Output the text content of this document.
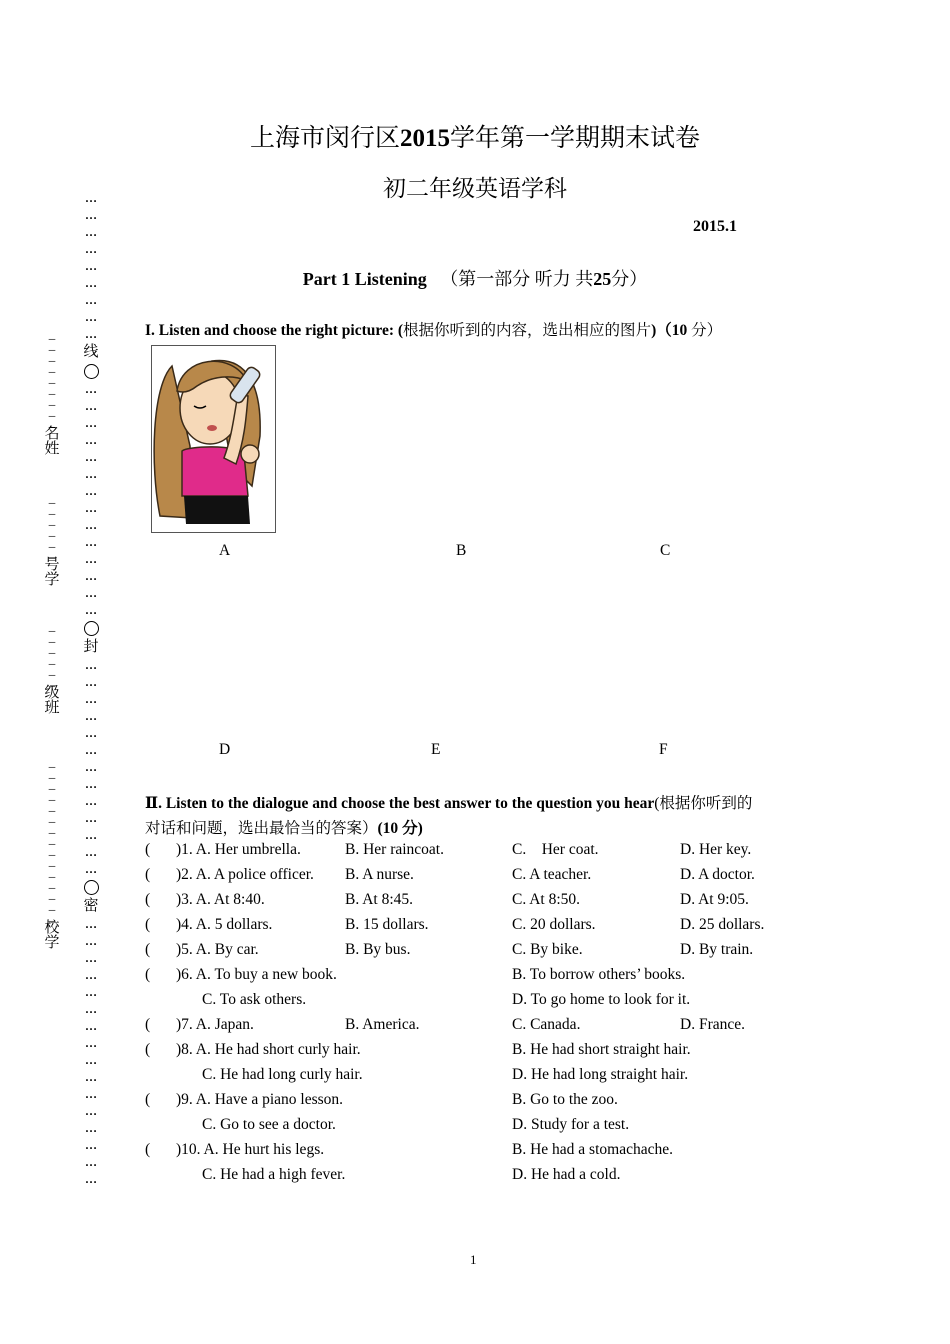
上海市闵行区2015学年第一学期期末试卷
初二年级英语学科
2015.1
Part 1 Listening （第一部分 听力 共25分）
I. Listen and choose the right picture: (根据你听到的内容，选出相应的图片)（10 分）
A	B	C
D	E	F
Ⅱ. Listen to the dialogue and choose the best answer to the question you hear(根据你听到的
对话和问题，选出最恰当的答案）(10 分)
( )1. A. Her umbrella.	B. Her raincoat.	C.    Her coat.	D. Her key.
( )2. A. A police officer. B. A nurse.	C. A teacher.	D. A doctor.
( )3. A. At 8:40.	B. At 8:45.	C. At 8:50.	D. At 9:05.
( )4. A. 5 dollars.	B. 15 dollars.	C. 20 dollars.	D. 25 dollars.
( )5. A. By car.	B. By bus.	C. By bike.	D. By train.
( )6. A. To buy a new book.	B. To borrow others’ books.
C. To ask others.	D. To go home to look for it.
( )7. A. Japan.	B. America.	C. Canada.	D. France.
( )8. A. He had short curly hair.	B. He had short straight hair.
C. He had long curly hair.	D. He had long straight hair.
( )9. A. Have a piano lesson.	B. Go to the zoo.
C. Go to see a doctor.	D. Study for a test.
( )10. A. He hurt his legs.	B. He had a stomachache.
C. He had a high fever.	D. He had a cold.
…
…
…
…
…
…
…
…
…
线
…
…
…
…
…
…
…
…
…
…
…
…
…
…
封
…
…
…
…
…
…
…
…
…
…
…
…
…
密
…
…
…
…
…
…
…
…
…
…
…
…
…
…
…
…
_
_
_
_
_
_
_
_
_
名姓
_
_
_
_
_
_
号学
_
_
_
_
_
_
级班
_
_
_
_
_
_
_
_
_
_
_
_
_
_
_
校学
1
